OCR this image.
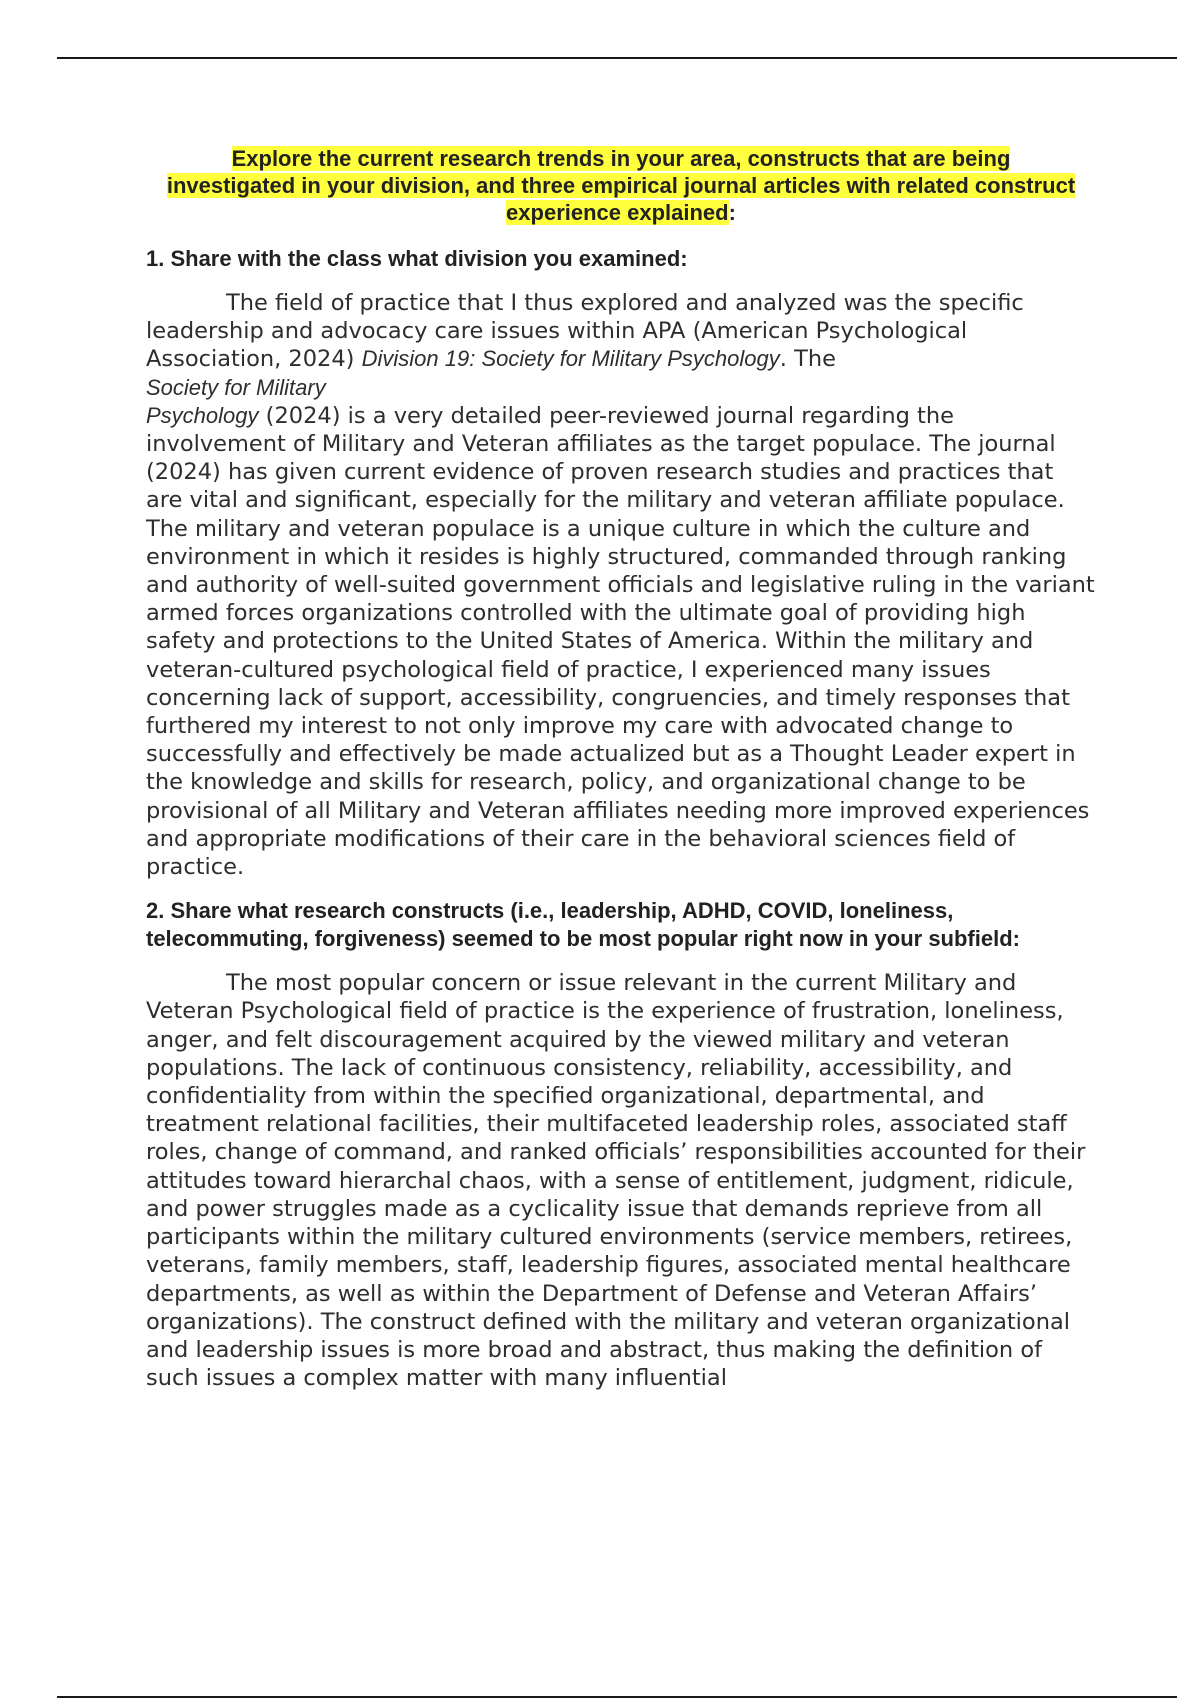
Explore the current research trends in your area, constructs that are being investigated in your division, and three empirical journal articles with related construct experience explained:

1. Share with the class what division you examined:

The field of practice that I thus explored and analyzed was the specific leadership and advocacy care issues within APA (American Psychological Association, 2024) Division 19: Society for Military Psychology. The
Society for Military
Psychology (2024) is a very detailed peer-reviewed journal regarding the involvement of Military and Veteran affiliates as the target populace. The journal (2024) has given current evidence of proven research studies and practices that are vital and significant, especially for the military and veteran affiliate populace. The military and veteran populace is a unique culture in which the culture and environment in which it resides is highly structured, commanded through ranking and authority of well-suited government officials and legislative ruling in the variant armed forces organizations controlled with the ultimate goal of providing high safety and protections to the United States of America. Within the military and veteran-cultured psychological field of practice, I experienced many issues concerning lack of support, accessibility, congruencies, and timely responses that furthered my interest to not only improve my care with advocated change to successfully and effectively be made actualized but as a Thought Leader expert in the knowledge and skills for research, policy, and organizational change to be provisional of all Military and Veteran affiliates needing more improved experiences and appropriate modifications of their care in the behavioral sciences field of practice.

2. Share what research constructs (i.e., leadership, ADHD, COVID, loneliness, telecommuting, forgiveness) seemed to be most popular right now in your subfield:

The most popular concern or issue relevant in the current Military and Veteran Psychological field of practice is the experience of frustration, loneliness, anger, and felt discouragement acquired by the viewed military and veteran populations. The lack of continuous consistency, reliability, accessibility, and confidentiality from within the specified organizational, departmental, and treatment relational facilities, their multifaceted leadership roles, associated staff roles, change of command, and ranked officials’ responsibilities accounted for their attitudes toward hierarchal chaos, with a sense of entitlement, judgment, ridicule, and power struggles made as a cyclicality issue that demands reprieve from all participants within the military cultured environments (service members, retirees, veterans, family members, staff, leadership figures, associated mental healthcare departments, as well as within the Department of Defense and Veteran Affairs’ organizations). The construct defined with the military and veteran organizational and leadership issues is more broad and abstract, thus making the definition of such issues a complex matter with many influential
